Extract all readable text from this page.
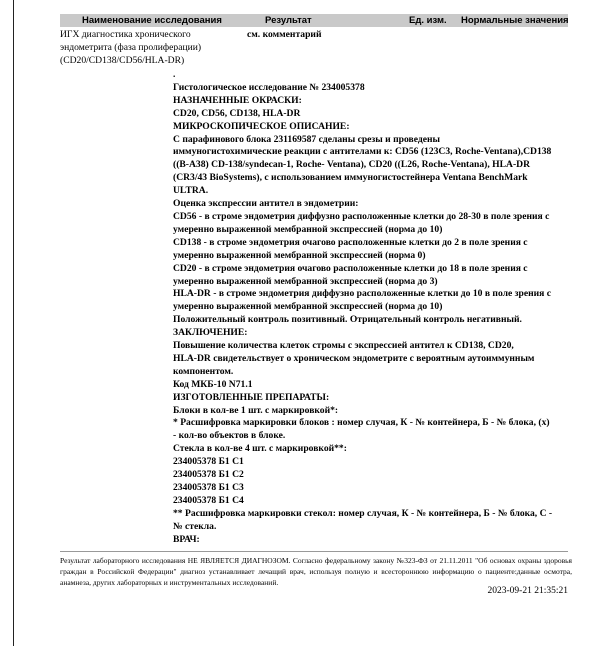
Наименование исследования	Результат	Ед. изм. Нормальные значения
ИГХ диагностика хронического
эндометрита (фаза пролиферации)
(CD20/CD138/CD56/HLA-DR)
см. комментарий
.
Гистологическое исследование № 234005378
НАЗНАЧЕННЫЕ ОКРАСКИ:
CD20, CD56, CD138, HLA-DR
МИКРОСКОПИЧЕСКОЕ ОПИСАНИЕ:
С парафинового блока 231169587 сделаны срезы и проведены
иммуногистохимические реакции с антителами к: CD56 (123C3, Roche-Ventana),CD138
((B-A38) CD-138/syndecan-1, Roche- Ventana), CD20 ((L26, Roche-Ventana), HLA-DR
(CR3/43 BioSystems), с использованием иммуногистостейнера Ventana BenchMark
ULTRA.
Оценка экспрессии антител в эндометрии:
CD56 - в строме эндометрия диффузно расположенные клетки до 28-30 в поле зрения с
умеренно выраженной мембранной экспрессией (норма до 10)
CD138 - в строме эндометрия очагово расположенные клетки до 2 в поле зрения с
умеренно выраженной мембранной экспрессией (норма 0)
CD20 - в строме эндометрия очагово расположенные клетки до 18 в поле зрения с
умеренно выраженной мембранной экспрессией (норма до 3)
HLA-DR - в строме эндометрия диффузно расположенные клетки до 10 в поле зрения с
умеренно выраженной мембранной экспрессией (норма до 10)
Положительный контроль позитивный. Отрицательный контроль негативный.
ЗАКЛЮЧЕНИЕ:
Повышение количества клеток стромы с экспрессией антител к CD138, CD20,
HLA-DR свидетельствует о хроническом эндометрите с вероятным аутоиммунным
компонентом.
Код МКБ-10 N71.1
ИЗГОТОВЛЕННЫЕ ПРЕПАРАТЫ:
Блоки в кол-ве 1 шт. с маркировкой*:
* Расшифровка маркировки блоков : номер случая, К - № контейнера, Б - № блока, (x)
- кол-во объектов в блоке.
Стекла в кол-ве 4 шт. с маркировкой**:
234005378 Б1 С1
234005378 Б1 С2
234005378 Б1 С3
234005378 Б1 С4
** Расшифровка маркировки стекол: номер случая, К - № контейнера, Б - № блока, С -
№ стекла.
ВРАЧ:
Результат лабораторного исследования НЕ ЯВЛЯЕТСЯ ДИАГНОЗОМ. Согласно федеральному закону №323-ФЗ от 21.11.2011 "Об основах охраны здоровья граждан в Российской Федерации" диагноз устанавливает лечащий врач, используя полную и всестороннюю информацию о пациенте:данные осмотра, анамнеза, других лабораторных и инструментальных исследований.
2023-09-21 21:35:21
